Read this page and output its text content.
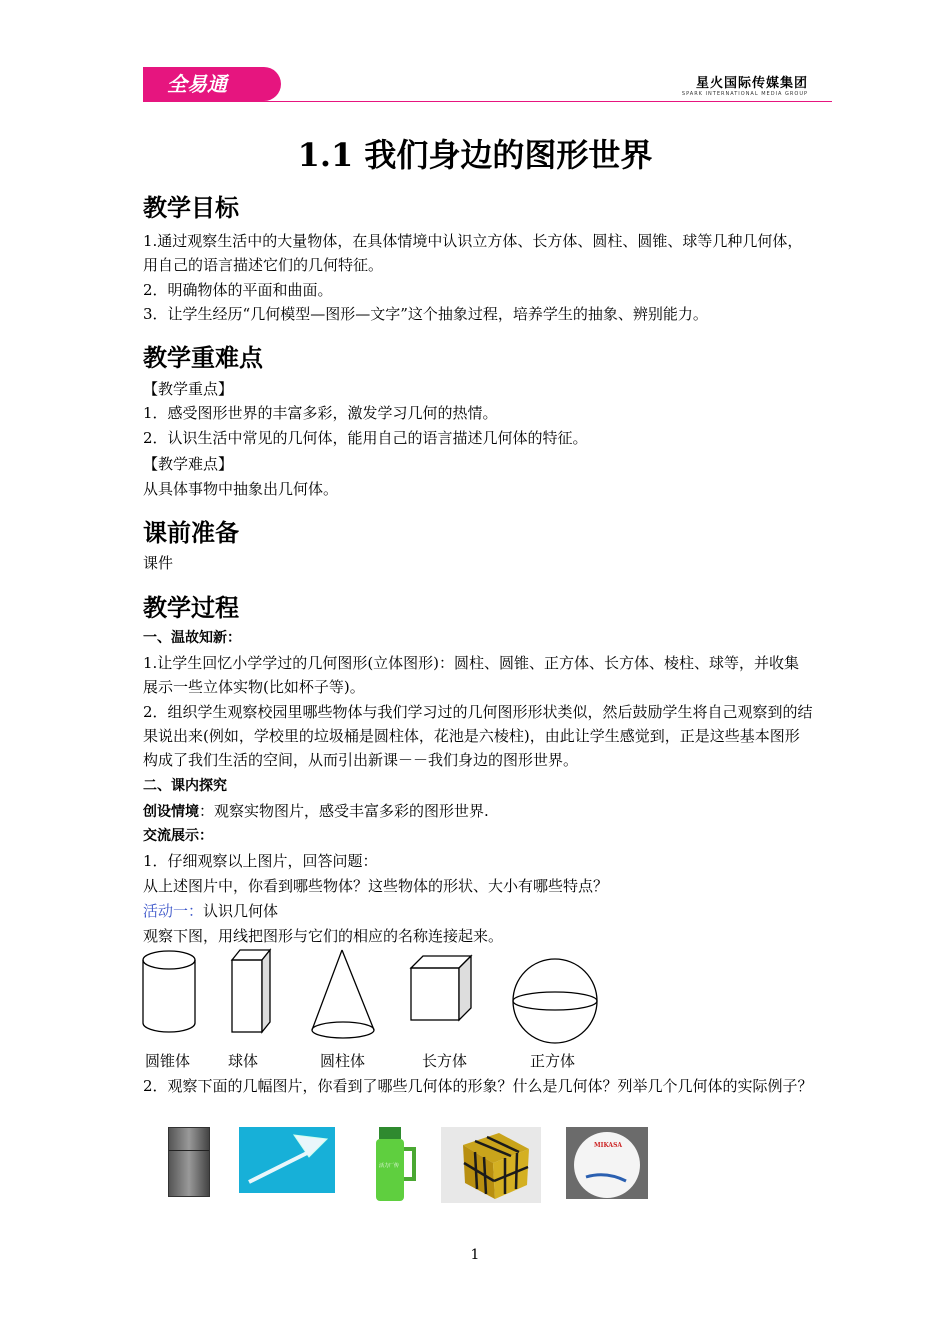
全易通	星火国际传媒集团
SPARK INTERNATIONAL MEDIA GROUP
1.1 我们身边的图形世界
教学目标

1.通过观察生活中的大量物体，在具体情境中认识立方体、长方体、圆柱、圆锥、球等几种几何体，用自己的语言描述它们的几何特征。

2．明确物体的平面和曲面。

3．让学生经历“几何模型—图形—文字”这个抽象过程，培养学生的抽象、辨别能力。

教学重难点

【教学重点】

1．感受图形世界的丰富多彩，激发学习几何的热情。

2．认识生活中常见的几何体，能用自己的语言描述几何体的特征。

【教学难点】

从具体事物中抽象出几何体。

课前准备

课件

教学过程

一、温故知新：

1.让学生回忆小学学过的几何图形(立体图形)：圆柱、圆锥、正方体、长方体、棱柱、球等，并收集展示一些立体实物(比如杯子等)。

2．组织学生观察校园里哪些物体与我们学习过的几何图形形状类似，然后鼓励学生将自己观察到的结果说出来(例如，学校里的垃圾桶是圆柱体，花池是六棱柱)，由此让学生感觉到，正是这些基本图形构成了我们生活的空间，从而引出新课－－我们身边的图形世界。

二、课内探究

创设情境：观察实物图片，感受丰富多彩的图形世界.

交流展示：

1．仔细观察以上图片，回答问题：

从上述图片中，你看到哪些物体？这些物体的形状、大小有哪些特点？

活动一：认识几何体

观察下图，用线把图形与它们的相应的名称连接起来。

圆锥体	球体	圆柱体	长方体	正方体

2．观察下面的几幅图片，你看到了哪些几何体的形象？什么是几何体？列举几个几何体的实际例子？

活力厂传
MIKASA
1
